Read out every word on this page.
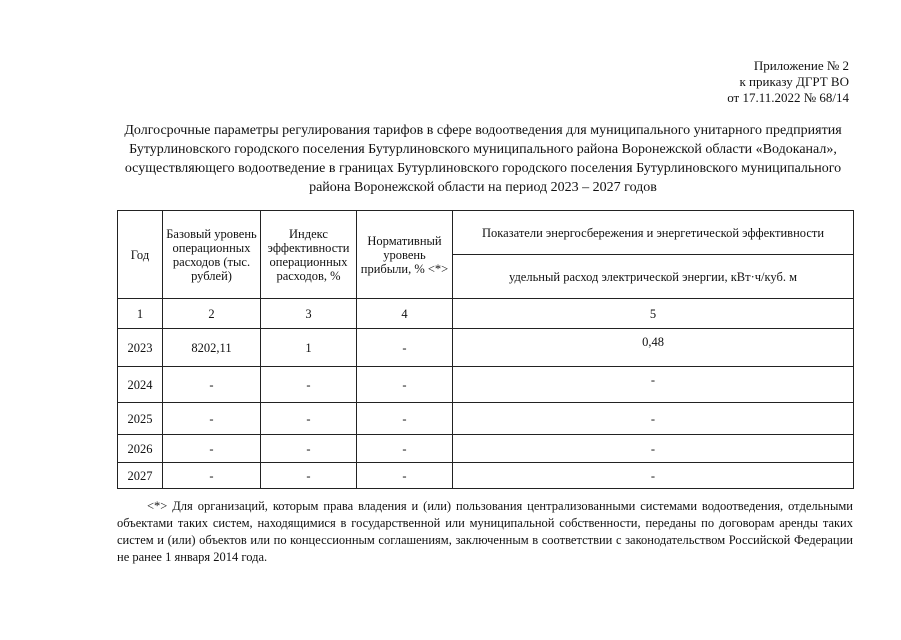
Приложение № 2
к приказу ДГРТ ВО
от 17.11.2022 № 68/14
Долгосрочные параметры регулирования тарифов в сфере водоотведения для муниципального унитарного предприятия Бутурлиновского городского поселения Бутурлиновского муниципального района Воронежской области «Водоканал», осуществляющего водоотведение в границах Бутурлиновского городского поселения Бутурлиновского муниципального района Воронежской области на период 2023 – 2027 годов
Год	Базовый уровень операционных расходов (тыс. рублей)	Индекс эффективности операционных расходов, %	Нормативный уровень прибыли, % <*>	Показатели энергосбережения и энергетической эффективности
				удельный расход электрической энергии, кВт·ч/куб. м
1	2	3	4	5
2023	8202,11	1	-	0,48
2024	-	-	-	-
2025	-	-	-	-
2026	-	-	-	-
2027	-	-	-	-
<*> Для организаций, которым права владения и (или) пользования централизованными системами водоотведения, отдельными объектами таких систем, находящимися в государственной или муниципальной собственности, переданы по договорам аренды таких систем и (или) объектов или по концессионным соглашениям, заключенным в соответствии с законодательством Российской Федерации не ранее 1 января 2014 года.
